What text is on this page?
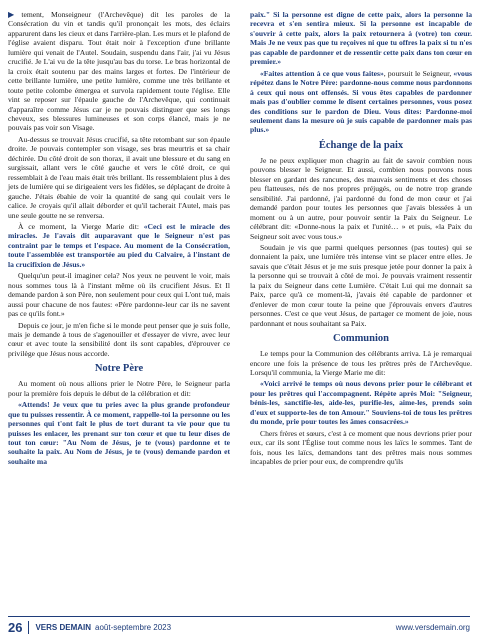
▶ tement, Monseigneur (l'Archevêque) dit les paroles de la Consécration du vin et tandis qu'il prononçait les mots, des éclairs apparurent dans les cieux et dans l'arrière-plan. Les murs et le plafond de l'église avaient disparu. Tout était noir à l'exception d'une brillante lumière qui venait de l'Autel. Soudain, suspendu dans l'air, j'ai vu Jésus crucifié. Je L'ai vu de la tête jusqu'au bas du torse. Le bras horizontal de la croix était soutenu par des mains larges et fortes. De l'intérieur de cette brillante lumière, une petite lumière, comme une très brillante et toute petite colombe émergea et survola rapidement toute l'église. Elle vint se reposer sur l'épaule gauche de l'Archevêque, qui continuait d'apparaître comme Jésus car je ne pouvais distinguer que ses longs cheveux, ses blessures lumineuses et son corps élancé, mais je ne pouvais pas voir son Visage.

Au-dessus se trouvait Jésus crucifié, sa tête retombant sur son épaule droite. Je pouvais contempler son visage, ses bras meurtris et sa chair déchirée. Du côté droit de son thorax, il avait une blessure et du sang en surgissait, allant vers le côté gauche et vers le côté droit, ce qui ressemblait à de l'eau mais était très brillant. Ils ressemblaient plus à des jets de lumière qui se dirigeaient vers les fidèles, se déplaçant de droite à gauche. J'étais ébahie de voir la quantité de sang qui coulait vers le calice. Je croyais qu'il allait déborder et qu'il tacherait l'Autel, mais pas une seule goutte ne se renversa.

À ce moment, la Vierge Marie dit: «Ceci est le miracle des miracles. Je l'avais dit auparavant que le Seigneur n'est pas contraint par le temps et l'espace. Au moment de la Consécration, toute l'assemblée est transportée au pied du Calvaire, à l'instant de la crucifixion de Jésus.»

Quelqu'un peut-il imaginer cela? Nos yeux ne peuvent le voir, mais nous sommes tous là à l'instant même où ils crucifient Jésus. Et Il demande pardon à son Père, non seulement pour ceux qui L'ont tué, mais aussi pour chacune de nos fautes: «Père pardonne-leur car ils ne savent pas ce qu'ils font.»

Depuis ce jour, je m'en fiche si le monde peut penser que je suis folle, mais je demande à tous de s'agenouiller et d'essayer de vivre, avec leur cœur et avec toute la sensibilité dont ils sont capables, d'éprouver ce privilège que Jésus nous accorde.

Notre Père

Au moment où nous allions prier le Notre Père, le Seigneur parla pour la première fois depuis le début de la célébration et dit:

«Attends! Je veux que tu pries avec la plus grande profondeur que tu puisses ressentir. À ce moment, rappelle-toi la personne ou les personnes qui t'ont fait le plus de tort durant ta vie pour que tu puisses les enlacer, les prenant sur ton cœur et que tu leur dises de tout ton cœur: "Au Nom de Jésus, je te (vous) pardonne et te souhaite la paix. Au Nom de Jésus, je te (vous) demande pardon et souhaite ma

paix." Si la personne est digne de cette paix, alors la personne la recevra et s'en sentira mieux. Si la personne est incapable de s'ouvrir à cette paix, alors la paix retournera à (votre) ton cœur. Mais Je ne veux pas que tu reçoives ni que tu offres la paix si tu n'es pas capable de pardonner et de ressentir cette paix dans ton cœur en premier.»

«Faites attention à ce que vous faites», poursuit le Seigneur, «vous répétez dans le Notre Père: pardonne-nous comme nous pardonnons à ceux qui nous ont offensés. Si vous êtes capables de pardonner mais pas d'oublier comme le disent certaines personnes, vous posez des conditions sur le pardon de Dieu. Vous dites: Pardonne-moi seulement dans la mesure où je suis capable de pardonner mais pas plus.»

Échange de la paix

Je ne peux expliquer mon chagrin au fait de savoir combien nous pouvons blesser le Seigneur. Et aussi, combien nous pouvons nous blesser en gardant des rancunes, des mauvais sentiments et des choses peu flatteuses, nés de nos propres préjugés, ou de notre trop grande sensibilité. J'ai pardonné, j'ai pardonné du fond de mon cœur et j'ai demandé pardon pour toutes les personnes que j'avais blessées à un moment ou à un autre, pour pouvoir sentir la Paix du Seigneur. Le célébrant dit: «Donne-nous la paix et l'unité… » et puis, «la Paix du Seigneur soit avec vous tous.»

Soudain je vis que parmi quelques personnes (pas toutes) qui se donnaient la paix, une lumière très intense vint se placer entre elles. Je savais que c'était Jésus et je me suis presque jetée pour donner la paix à la personne qui se trouvait à côté de moi. Je pouvais vraiment ressentir la paix du Seigneur dans cette Lumière. C'était Lui qui me donnait sa Paix, parce qu'à ce moment-là, j'avais été capable de pardonner et d'enlever de mon cœur toute la peine que j'éprouvais envers d'autres personnes. C'est ce que veut Jésus, de partager ce moment de joie, nous pardonnant et nous souhaitant sa Paix.

Communion

Le temps pour la Communion des célébrants arriva. Là je remarquai encore une fois la présence de tous les prêtres près de l'Archevêque. Lorsqu'il communia, la Vierge Marie me dit:

«Voici arrivé le temps où nous devons prier pour le célébrant et pour les prêtres qui l'accompagnent. Répète après Moi: "Seigneur, bénis-les, sanctifie-les, aide-les, purifie-les, aime-les, prends soin d'eux et supporte-les de ton Amour." Souviens-toi de tous les prêtres du monde, prie pour toutes les âmes consacrées.»

Chers frères et sœurs, c'est à ce moment que nous devrions prier pour eux, car ils sont l'Église tout comme nous les laïcs le sommes. Tant de fois, nous les laïcs, demandons tant des prêtres mais nous sommes incapables de prier pour eux, de comprendre qu'ils

26 VERS DEMAIN août-septembre 2023	www.versdemain.org
